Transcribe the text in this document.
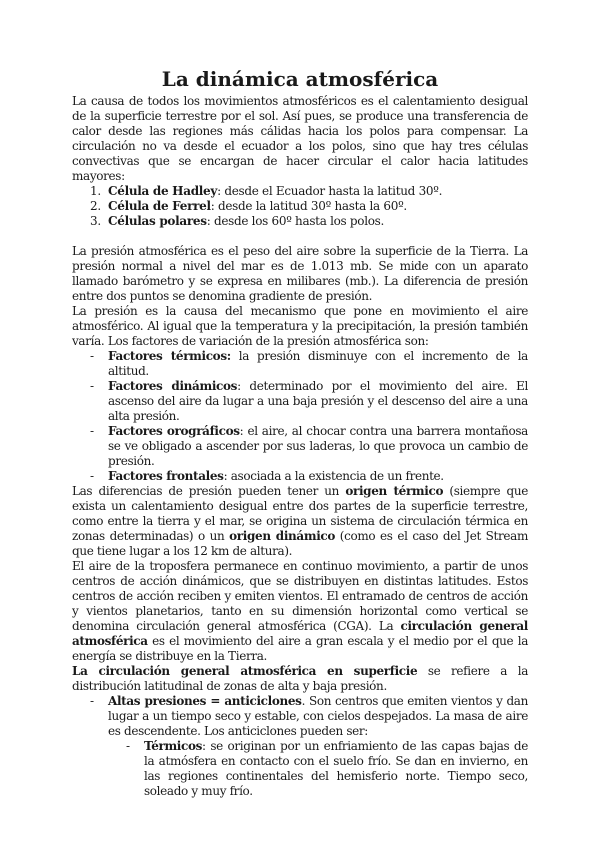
La dinámica atmosférica

La causa de todos los movimientos atmosféricos es el calentamiento desigual de la superficie terrestre por el sol. Así pues, se produce una transferencia de calor desde las regiones más cálidas hacia los polos para compensar. La circulación no va desde el ecuador a los polos, sino que hay tres células convectivas que se encargan de hacer circular el calor hacia latitudes mayores:

1. Célula de Hadley: desde el Ecuador hasta la latitud 30º.
2. Célula de Ferrel: desde la latitud 30º hasta la 60º.
3. Células polares: desde los 60º hasta los polos.

La presión atmosférica es el peso del aire sobre la superficie de la Tierra. La presión normal a nivel del mar es de 1.013 mb. Se mide con un aparato llamado barómetro y se expresa en milibares (mb.). La diferencia de presión entre dos puntos se denomina gradiente de presión.

La presión es la causa del mecanismo que pone en movimiento el aire atmosférico. Al igual que la temperatura y la precipitación, la presión también varía. Los factores de variación de la presión atmosférica son:

- Factores térmicos: la presión disminuye con el incremento de la altitud.
- Factores dinámicos: determinado por el movimiento del aire. El ascenso del aire da lugar a una baja presión y el descenso del aire a una alta presión.
- Factores orográficos: el aire, al chocar contra una barrera montañosa se ve obligado a ascender por sus laderas, lo que provoca un cambio de presión.
- Factores frontales: asociada a la existencia de un frente.

Las diferencias de presión pueden tener un origen térmico (siempre que exista un calentamiento desigual entre dos partes de la superficie terrestre, como entre la tierra y el mar, se origina un sistema de circulación térmica en zonas determinadas) o un origen dinámico (como es el caso del Jet Stream que tiene lugar a los 12 km de altura).

El aire de la troposfera permanece en continuo movimiento, a partir de unos centros de acción dinámicos, que se distribuyen en distintas latitudes. Estos centros de acción reciben y emiten vientos. El entramado de centros de acción y vientos planetarios, tanto en su dimensión horizontal como vertical se denomina circulación general atmosférica (CGA). La circulación general atmosférica es el movimiento del aire a gran escala y el medio por el que la energía se distribuye en la Tierra.

La circulación general atmosférica en superficie se refiere a la distribución latitudinal de zonas de alta y baja presión.

- Altas presiones = anticiclones. Son centros que emiten vientos y dan lugar a un tiempo seco y estable, con cielos despejados. La masa de aire es descendente. Los anticiclones pueden ser:
- Térmicos: se originan por un enfriamiento de las capas bajas de la atmósfera en contacto con el suelo frío. Se dan en invierno, en las regiones continentales del hemisferio norte. Tiempo seco, soleado y muy frío.
